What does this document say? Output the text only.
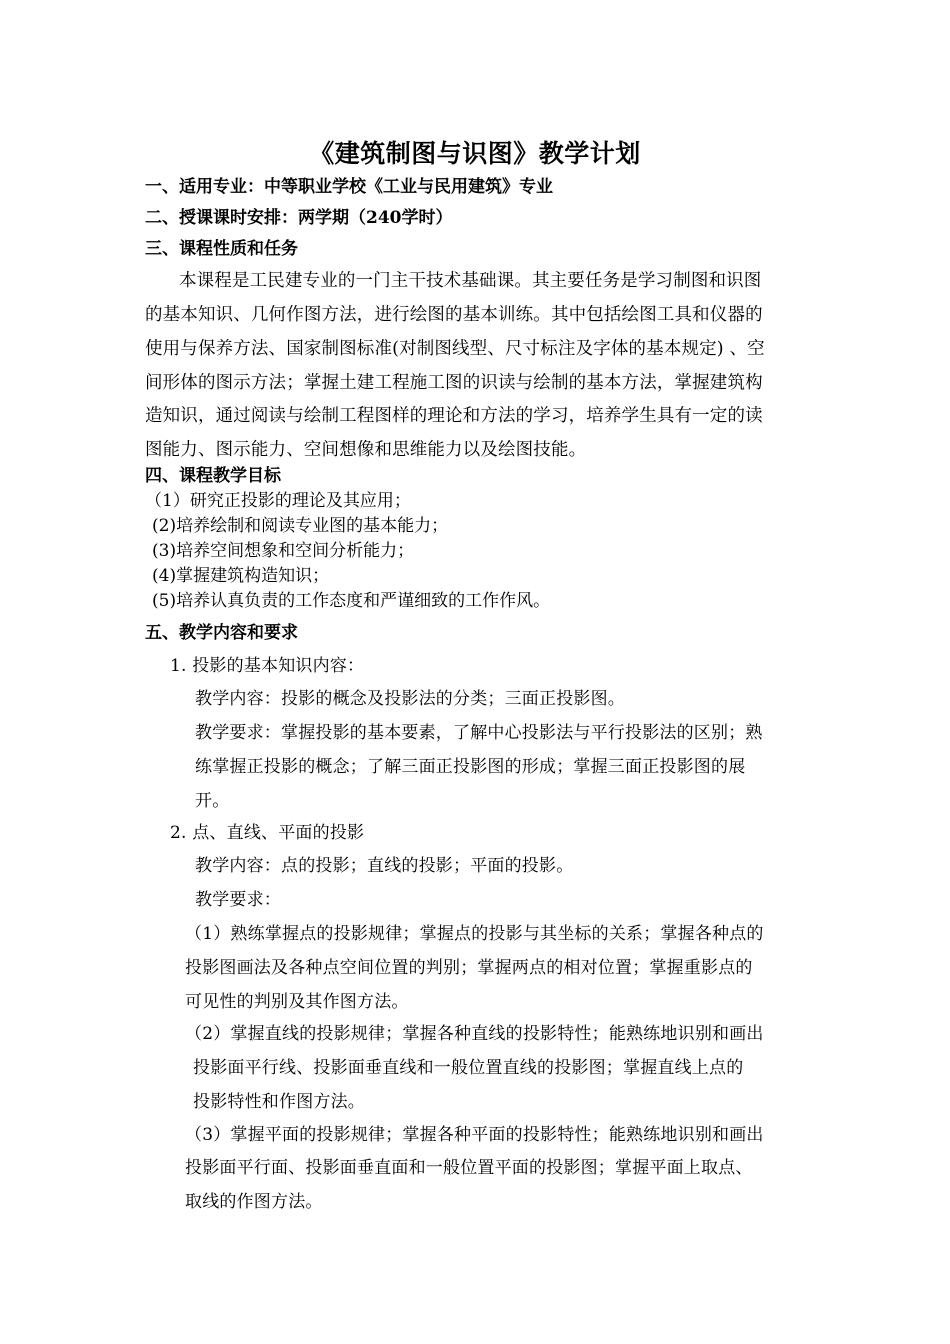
《建筑制图与识图》教学计划
一、适用专业：中等职业学校《工业与民用建筑》专业
二、授课课时安排：两学期（240学时）
三、课程性质和任务
本课程是工民建专业的一门主干技术基础课。其主要任务是学习制图和识图
的基本知识、几何作图方法，进行绘图的基本训练。其中包括绘图工具和仪器的
使用与保养方法、国家制图标准(对制图线型、尺寸标注及字体的基本规定) 、空
间形体的图示方法；掌握土建工程施工图的识读与绘制的基本方法，掌握建筑构
造知识，通过阅读与绘制工程图样的理论和方法的学习，培养学生具有一定的读
图能力、图示能力、空间想像和思维能力以及绘图技能。
四、课程教学目标
（1）研究正投影的理论及其应用；
(2)培养绘制和阅读专业图的基本能力；
(3)培养空间想象和空间分析能力；
(4)掌握建筑构造知识；
(5)培养认真负责的工作态度和严谨细致的工作作风。
五、教学内容和要求
1. 投影的基本知识内容：
教学内容：投影的概念及投影法的分类；三面正投影图。
教学要求：掌握投影的基本要素，了解中心投影法与平行投影法的区别；熟
练掌握正投影的概念；了解三面正投影图的形成；掌握三面正投影图的展
开。
2. 点、直线、平面的投影
教学内容：点的投影；直线的投影；平面的投影。
教学要求：
（1）熟练掌握点的投影规律；掌握点的投影与其坐标的关系；掌握各种点的
投影图画法及各种点空间位置的判别；掌握两点的相对位置；掌握重影点的
可见性的判别及其作图方法。
（2）掌握直线的投影规律；掌握各种直线的投影特性；能熟练地识别和画出
投影面平行线、投影面垂直线和一般位置直线的投影图；掌握直线上点的
投影特性和作图方法。
（3）掌握平面的投影规律；掌握各种平面的投影特性；能熟练地识别和画出
投影面平行面、投影面垂直面和一般位置平面的投影图；掌握平面上取点、
取线的作图方法。
